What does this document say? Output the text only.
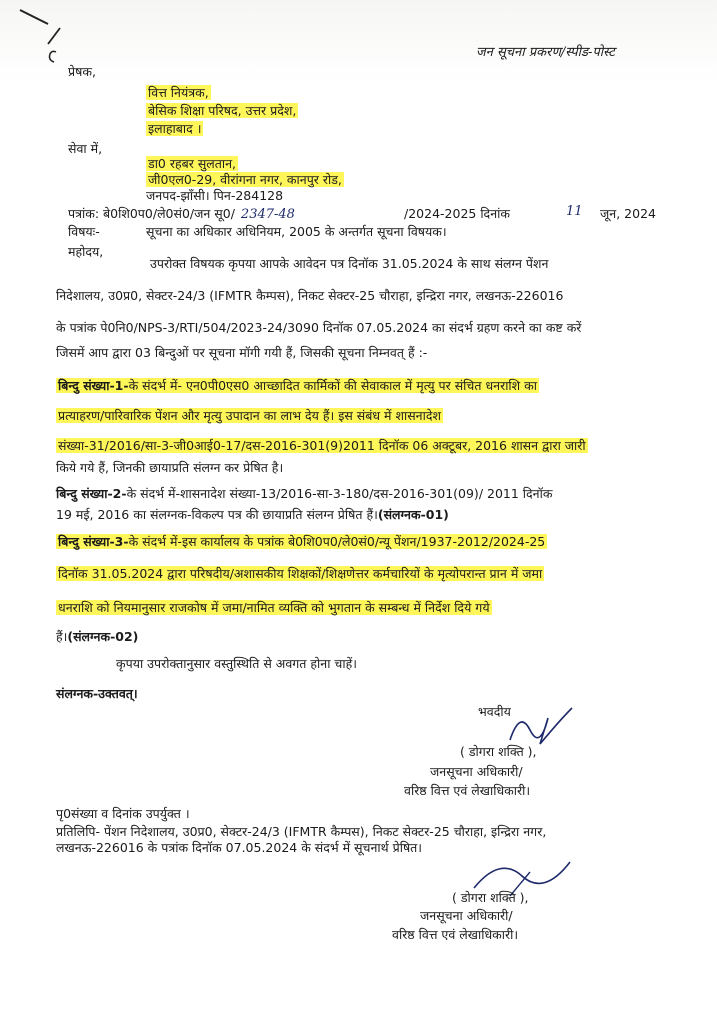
जन सूचना प्रकरण/स्पीड-पोस्ट
प्रेषक,
वित्त नियंत्रक,
बेसिक शिक्षा परिषद, उत्तर प्रदेश,
इलाहाबाद ।
सेवा में,
डा0 रहबर सुलतान,
जी0एल0-29, वीरांगना नगर, कानपुर रोड,
जनपद-झाँसी। पिन-284128
पत्रांक: बे0शि0प0/ले0सं0/जन सू0/ 2347-48	/2024-2025 दिनांक	11 जून, 2024
विषयः-	सूचना का अधिकार अधिनियम, 2005 के अन्तर्गत सूचना विषयक।
महोदय,
उपरोक्त विषयक कृपया आपके आवेदन पत्र दिनॉक 31.05.2024 के साथ संलग्न पेंशन
निदेशालय, उ0प्र0, सेक्टर-24/3 (IFMTR कैम्पस), निकट सेक्टर-25 चौराहा, इन्द्रिरा नगर, लखनऊ-226016
के पत्रांक पे0नि0/NPS-3/RTI/504/2023-24/3090 दिनॉक 07.05.2024 का संदर्भ ग्रहण करने का कष्ट करें
जिसमें आप द्वारा 03 बिन्दुओं पर सूचना मॉगी गयी हैं, जिसकी सूचना निम्नवत् हैं :-
बिन्दु संख्या-1-के संदर्भ में- एन0पी0एस0 आच्छादित कार्मिकों की सेवाकाल में मृत्यु पर संचित धनराशि का
प्रत्याहरण/पारिवारिक पेंशन और मृत्यु उपादान का लाभ देय हैं। इस संबंध में शासनादेश
संख्या-31/2016/सा-3-जी0आई0-17/दस-2016-301(9)2011 दिनॉक 06 अक्टूबर, 2016 शासन द्वारा जारी
किये गये हैं, जिनकी छायाप्रति संलग्न कर प्रेषित है।
बिन्दु संख्या-2-के संदर्भ में-शासनादेश संख्या-13/2016-सा-3-180/दस-2016-301(09)/ 2011 दिनॉक
19 मई, 2016 का संलग्नक-विकल्प पत्र की छायाप्रति संलग्न प्रेषित हैं।(संलग्नक-01)
बिन्दु संख्या-3-के संदर्भ में-इस कार्यालय के पत्रांक बे0शि0प0/ले0सं0/न्यू पेंशन/1937-2012/2024-25
दिनॉक 31.05.2024 द्वारा परिषदीय/अशासकीय शिक्षकों/शिक्षणेत्तर कर्मचारियों के मृत्योपरान्त प्रान में जमा
धनराशि को नियमानुसार राजकोष में जमा/नामित व्यक्ति को भुगतान के सम्बन्ध में निर्देश दिये गये
हैं।(संलग्नक-02)
कृपया उपरोक्तानुसार वस्तुस्थिति से अवगत होना चाहें।
संलग्नक-उक्तवत्।
भवदीय
( डोगरा शक्ति ),
जनसूचना अधिकारी/
वरिष्ठ वित्त एवं लेखाधिकारी।
पृ0संख्या व दिनांक उपर्युक्त ।
प्रतिलिपि- पेंशन निदेशालय, उ0प्र0, सेक्टर-24/3 (IFMTR कैम्पस), निकट सेक्टर-25 चौराहा, इन्द्रिरा नगर,
लखनऊ-226016 के पत्रांक दिनॉक 07.05.2024 के संदर्भ में सूचनार्थ प्रेषित।
( डोगरा शक्ति ),
जनसूचना अधिकारी/
वरिष्ठ वित्त एवं लेखाधिकारी।
